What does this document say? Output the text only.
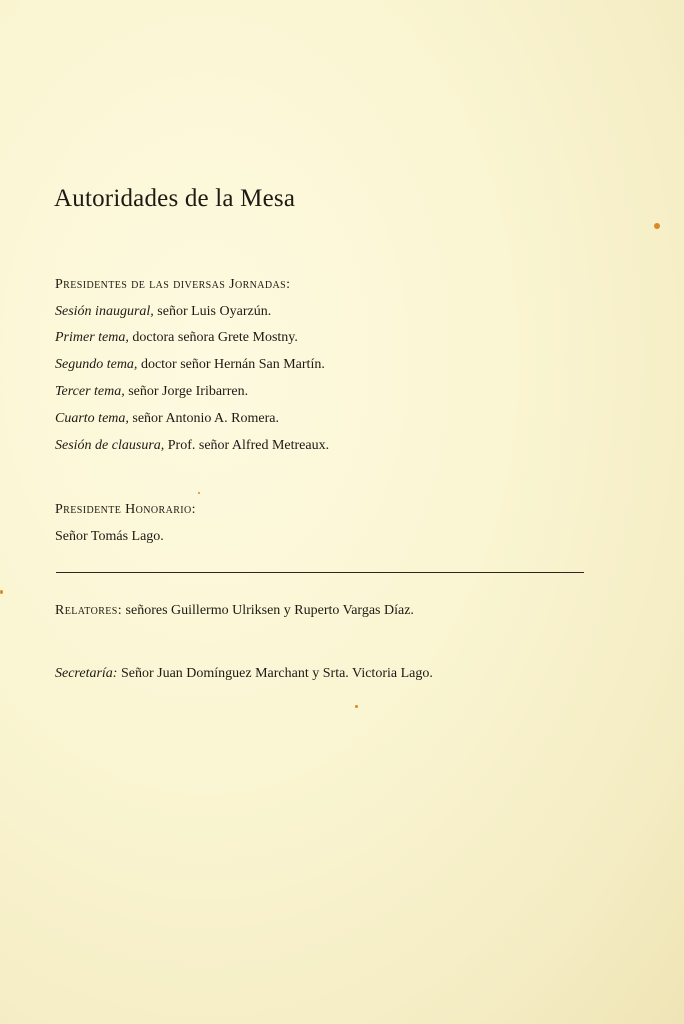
Autoridades de la Mesa
Presidentes de las diversas Jornadas:
Sesión inaugural, señor Luis Oyarzún.
Primer tema, doctora señora Grete Mostny.
Segundo tema, doctor señor Hernán San Martín.
Tercer tema, señor Jorge Iribarren.
Cuarto tema, señor Antonio A. Romera.
Sesión de clausura, Prof. señor Alfred Metreaux.
Presidente Honorario:
Señor Tomás Lago.
Relatores: señores Guillermo Ulriksen y Ruperto Vargas Díaz.
Secretaría: Señor Juan Domínguez Marchant y Srta. Victoria Lago.
